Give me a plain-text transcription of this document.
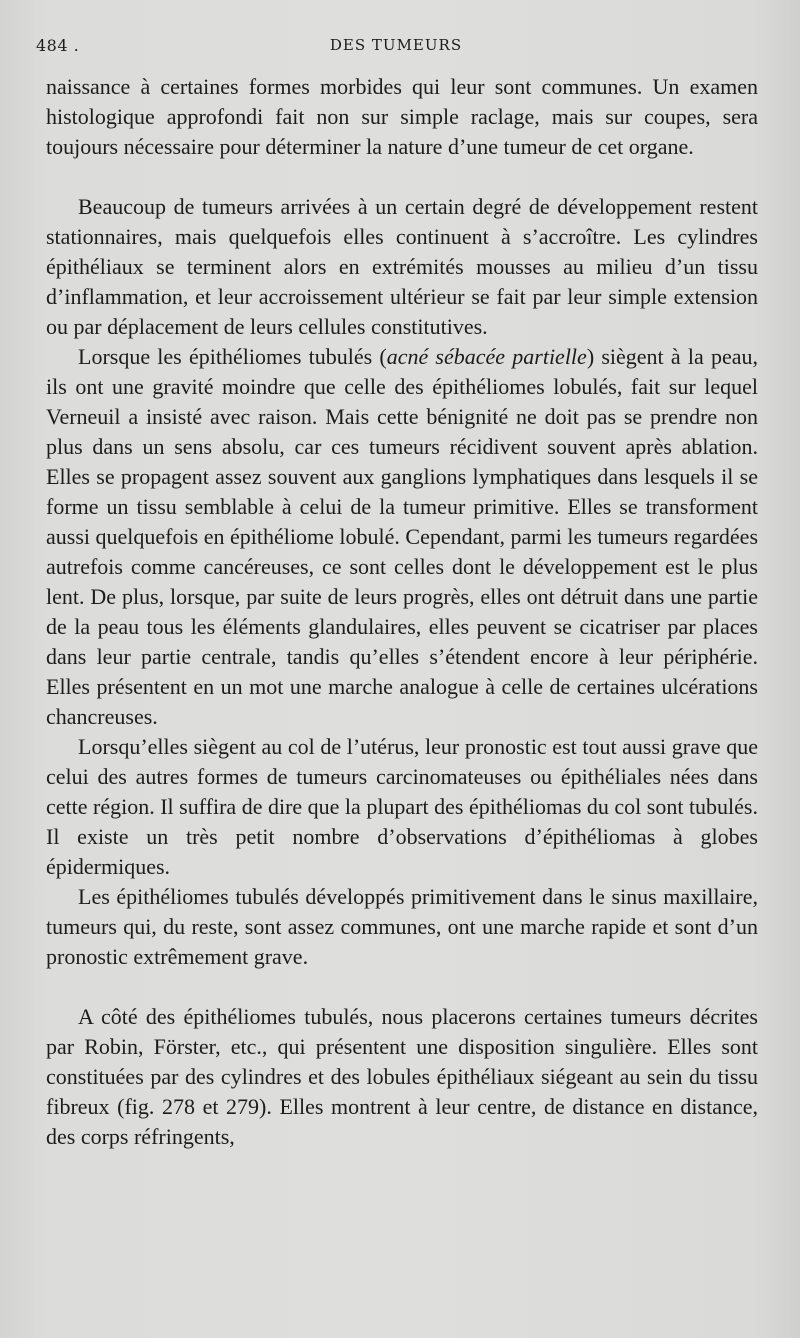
484 .	DES TUMEURS

naissance à certaines formes morbides qui leur sont communes. Un examen histologique approfondi fait non sur simple raclage, mais sur coupes, sera toujours nécessaire pour déterminer la nature d’une tumeur de cet organe.

Beaucoup de tumeurs arrivées à un certain degré de développement restent stationnaires, mais quelquefois elles continuent à s’accroître. Les cylindres épithéliaux se terminent alors en extrémités mousses au milieu d’un tissu d’inflammation, et leur accroissement ultérieur se fait par leur simple extension ou par déplacement de leurs cellules constitutives.

Lorsque les épithéliomes tubulés (acné sébacée partielle) siègent à la peau, ils ont une gravité moindre que celle des épithéliomes lobulés, fait sur lequel Verneuil a insisté avec raison. Mais cette bénignité ne doit pas se prendre non plus dans un sens absolu, car ces tumeurs récidivent souvent après ablation. Elles se propagent assez souvent aux ganglions lymphatiques dans lesquels il se forme un tissu semblable à celui de la tumeur primitive. Elles se transforment aussi quelquefois en épithéliome lobulé. Cependant, parmi les tumeurs regardées autrefois comme cancéreuses, ce sont celles dont le développement est le plus lent. De plus, lorsque, par suite de leurs progrès, elles ont détruit dans une partie de la peau tous les éléments glandulaires, elles peuvent se cicatriser par places dans leur partie centrale, tandis qu’elles s’étendent encore à leur périphérie. Elles présentent en un mot une marche analogue à celle de certaines ulcérations chancreuses.

Lorsqu’elles siègent au col de l’utérus, leur pronostic est tout aussi grave que celui des autres formes de tumeurs carcinomateuses ou épithéliales nées dans cette région. Il suffira de dire que la plupart des épithéliomas du col sont tubulés. Il existe un très petit nombre d’observations d’épithéliomas à globes épidermiques.

Les épithéliomes tubulés développés primitivement dans le sinus maxillaire, tumeurs qui, du reste, sont assez communes, ont une marche rapide et sont d’un pronostic extrêmement grave.

A côté des épithéliomes tubulés, nous placerons certaines tumeurs décrites par Robin, Förster, etc., qui présentent une disposition singulière. Elles sont constituées par des cylindres et des lobules épithéliaux siégeant au sein du tissu fibreux (fig. 278 et 279). Elles montrent à leur centre, de distance en distance, des corps réfringents,
